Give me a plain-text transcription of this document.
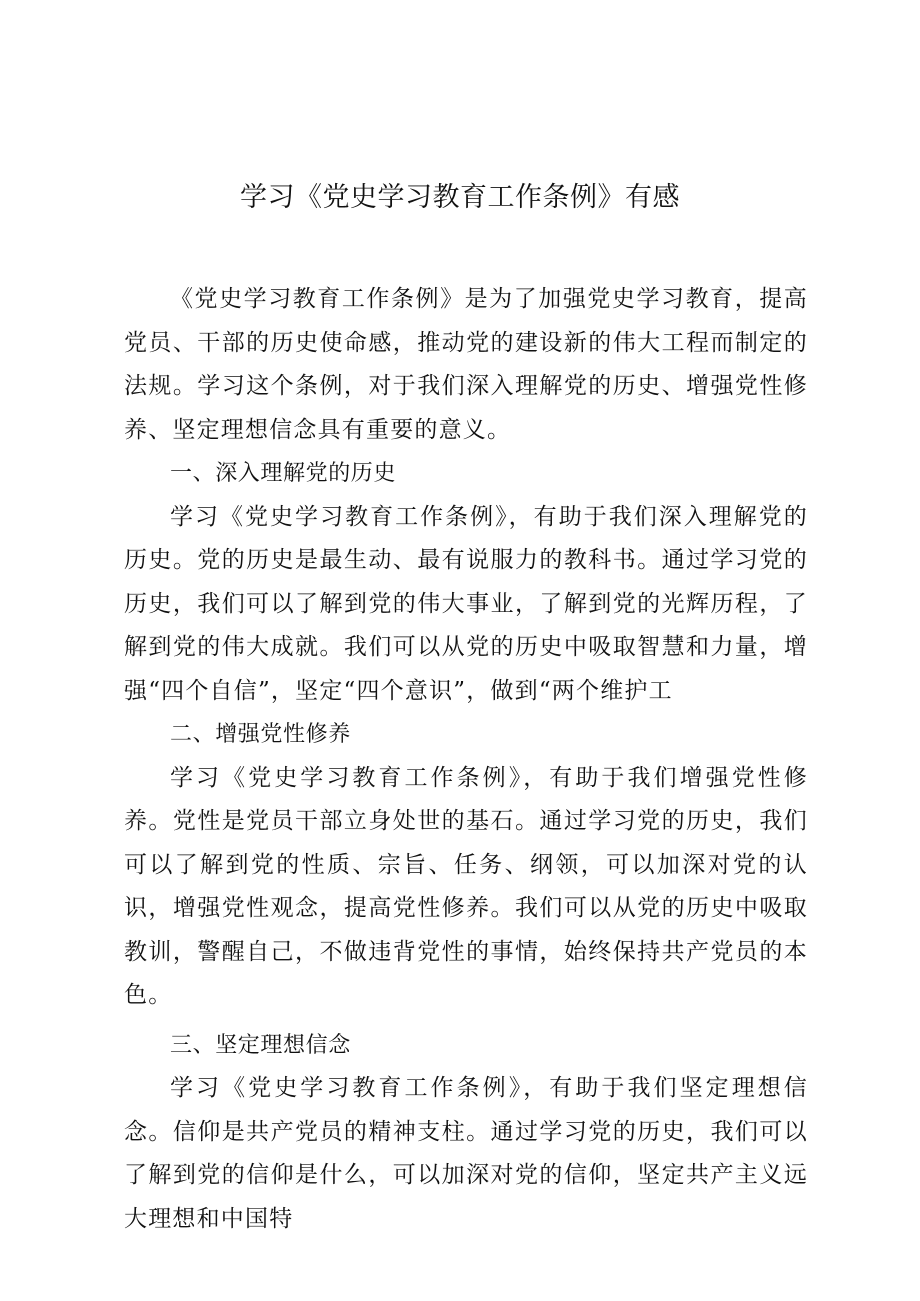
学习《党史学习教育工作条例》有感

《党史学习教育工作条例》是为了加强党史学习教育，提高党员、干部的历史使命感，推动党的建设新的伟大工程而制定的法规。学习这个条例，对于我们深入理解党的历史、增强党性修养、坚定理想信念具有重要的意义。

一、深入理解党的历史

学习《党史学习教育工作条例》，有助于我们深入理解党的历史。党的历史是最生动、最有说服力的教科书。通过学习党的历史，我们可以了解到党的伟大事业，了解到党的光辉历程，了解到党的伟大成就。我们可以从党的历史中吸取智慧和力量，增强“四个自信”，坚定“四个意识”，做到“两个维护工

二、增强党性修养

学习《党史学习教育工作条例》，有助于我们增强党性修养。党性是党员干部立身处世的基石。通过学习党的历史，我们可以了解到党的性质、宗旨、任务、纲领，可以加深对党的认识，增强党性观念，提高党性修养。我们可以从党的历史中吸取教训，警醒自己，不做违背党性的事情，始终保持共产党员的本色。

三、坚定理想信念

学习《党史学习教育工作条例》，有助于我们坚定理想信念。信仰是共产党员的精神支柱。通过学习党的历史，我们可以了解到党的信仰是什么，可以加深对党的信仰，坚定共产主义远大理想和中国特
